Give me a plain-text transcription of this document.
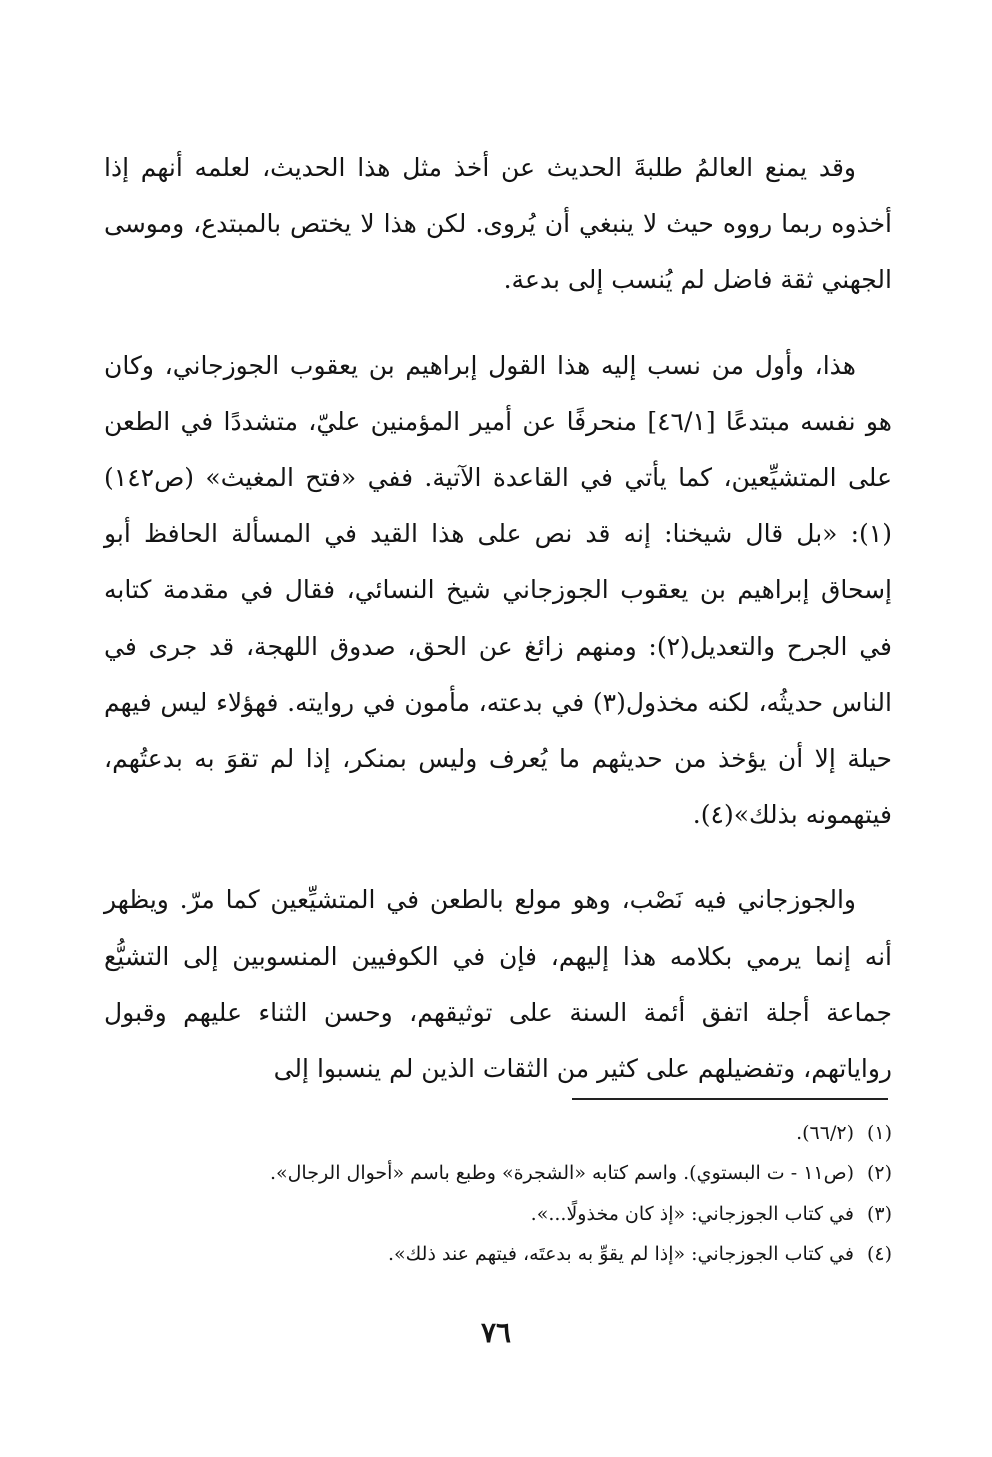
وقد يمنع العالمُ طلبةَ الحديث عن أخذ مثل هذا الحديث، لعلمه أنهم إذا أخذوه ربما رووه حيث لا ينبغي أن يُروى. لكن هذا لا يختص بالمبتدع، وموسى الجهني ثقة فاضل لم يُنسب إلى بدعة.

هذا، وأول من نسب إليه هذا القول إبراهيم بن يعقوب الجوزجاني، وكان هو نفسه مبتدعًا [٤٦/١] منحرفًا عن أمير المؤمنين عليّ، متشددًا في الطعن على المتشيِّعين، كما يأتي في القاعدة الآتية. ففي «فتح المغيث» (ص١٤٢)(١): «بل قال شيخنا: إنه قد نص على هذا القيد في المسألة الحافظ أبو إسحاق إبراهيم بن يعقوب الجوزجاني شيخ النسائي، فقال في مقدمة كتابه في الجرح والتعديل(٢): ومنهم زائغ عن الحق، صدوق اللهجة، قد جرى في الناس حديثُه، لكنه مخذول(٣) في بدعته، مأمون في روايته. فهؤلاء ليس فيهم حيلة إلا أن يؤخذ من حديثهم ما يُعرف وليس بمنكر، إذا لم تقوَ به بدعتُهم، فيتهمونه بذلك»(٤).

والجوزجاني فيه نَصْب، وهو مولع بالطعن في المتشيِّعين كما مرّ. ويظهر أنه إنما يرمي بكلامه هذا إليهم، فإن في الكوفيين المنسوبين إلى التشيُّع جماعة أجلة اتفق أئمة السنة على توثيقهم، وحسن الثناء عليهم وقبول رواياتهم، وتفضيلهم على كثير من الثقات الذين لم ينسبوا إلى

(١)(٦٦/٢).
(٢)(ص١١ - ت البستوي). واسم كتابه «الشجرة» وطبع باسم «أحوال الرجال».
(٣)في كتاب الجوزجاني: «إذ كان مخذولًا...».
(٤)في كتاب الجوزجاني: «إذا لم يقوِّ به بدعتَه، فيتهم عند ذلك».
٧٦
